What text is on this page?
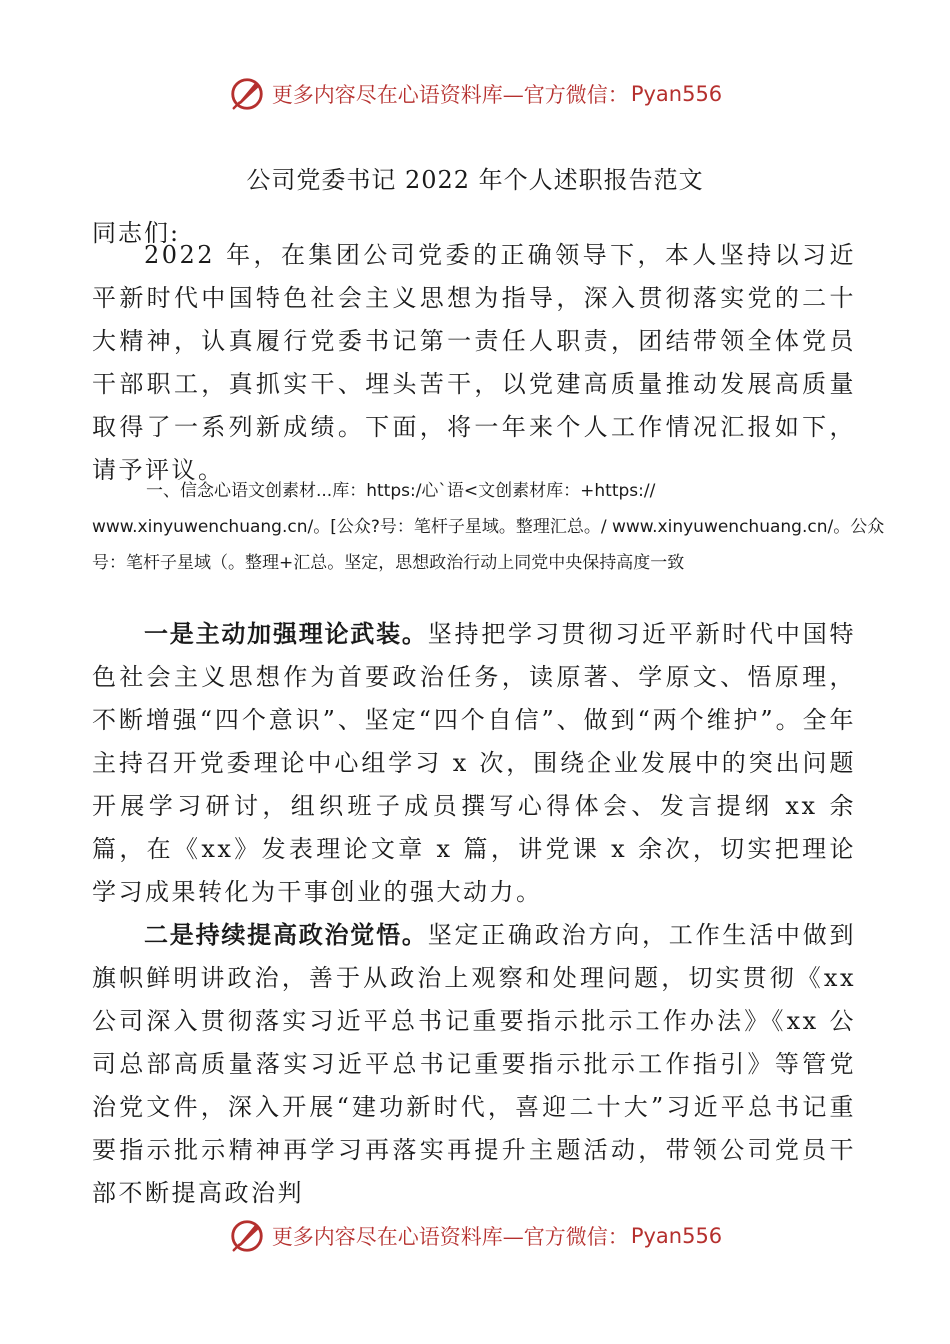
更多内容尽在心语资料库—官方微信： Pyan556
公司党委书记 2022 年个人述职报告范文
同志们:

2022 年，在集团公司党委的正确领导下，本人坚持以习近平新时代中国特色社会主义思想为指导，深入贯彻落实党的二十大精神，认真履行党委书记第一责任人职责，团结带领全体党员干部职工，真抓实干、埋头苦干，以党建高质量推动发展高质量取得了一系列新成绩。下面，将一年来个人工作情况汇报如下，请予评议。

一、信念心语文创素材...库：https:/心`语<文创素材库：+https:// www.xinyuwenchuang.cn/。[公众?号：笔杆子星域。整理汇总。/ www.xinyuwenchuang.cn/。公众号：笔杆子星域（。整理+汇总。坚定，思想政治行动上同党中央保持高度一致

一是主动加强理论武装。坚持把学习贯彻习近平新时代中国特色社会主义思想作为首要政治任务，读原著、学原文、悟原理，不断增强“四个意识”、坚定“四个自信”、做到“两个维护”。全年主持召开党委理论中心组学习 x 次，围绕企业发展中的突出问题开展学习研讨，组织班子成员撰写心得体会、发言提纲 xx 余篇，在《xx》发表理论文章 x 篇，讲党课 x 余次，切实把理论学习成果转化为干事创业的强大动力。

二是持续提高政治觉悟。坚定正确政治方向，工作生活中做到旗帜鲜明讲政治，善于从政治上观察和处理问题，切实贯彻《xx 公司深入贯彻落实习近平总书记重要指示批示工作办法》《xx 公司总部高质量落实习近平总书记重要指示批示工作指引》等管党治党文件，深入开展“建功新时代，喜迎二十大”习近平总书记重要指示批示精神再学习再落实再提升主题活动，带领公司党员干部不断提高政治判

更多内容尽在心语资料库—官方微信： Pyan556
